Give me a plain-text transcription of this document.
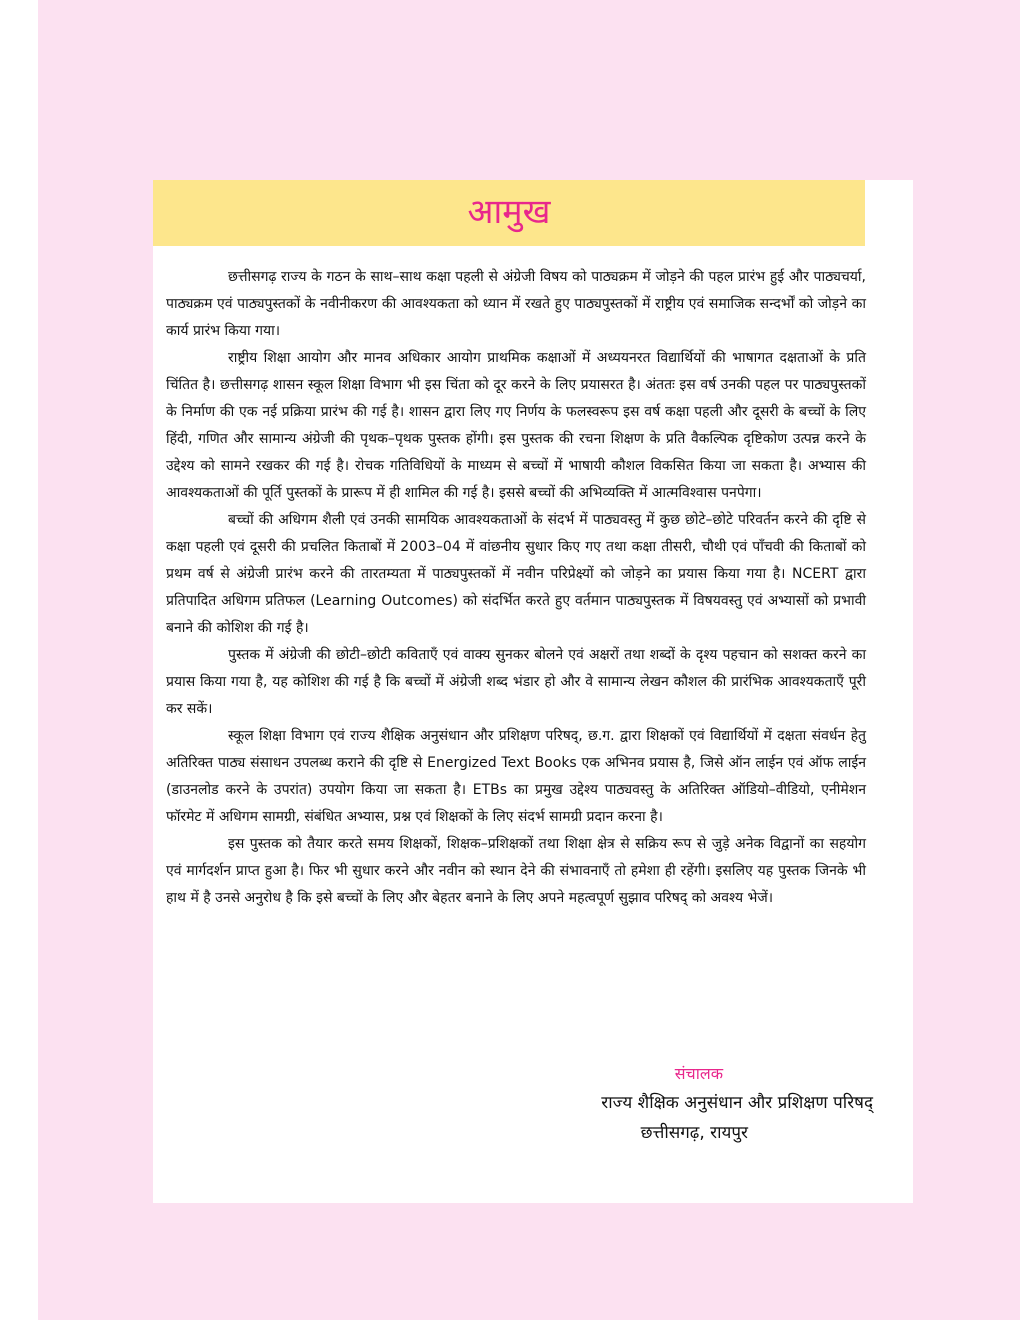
आमुख

छत्तीसगढ़ राज्य के गठन के साथ–साथ कक्षा पहली से अंग्रेजी विषय को पाठ्यक्रम में जोड़ने की पहल प्रारंभ हुई और पाठ्यचर्या, पाठ्यक्रम एवं पाठ्यपुस्तकों के नवीनीकरण की आवश्यकता को ध्यान में रखते हुए पाठ्यपुस्तकों में राष्ट्रीय एवं समाजिक सन्दर्भों को जोड़ने का कार्य प्रारंभ किया गया।

राष्ट्रीय शिक्षा आयोग और मानव अधिकार आयोग प्राथमिक कक्षाओं में अध्ययनरत विद्यार्थियों की भाषागत दक्षताओं के प्रति चिंतित है। छत्तीसगढ़ शासन स्कूल शिक्षा विभाग भी इस चिंता को दूर करने के लिए प्रयासरत है। अंततः इस वर्ष उनकी पहल पर पाठ्यपुस्तकों के निर्माण की एक नई प्रक्रिया प्रारंभ की गई है। शासन द्वारा लिए गए निर्णय के फलस्वरूप इस वर्ष कक्षा पहली और दूसरी के बच्चों के लिए हिंदी, गणित और सामान्य अंग्रेजी की पृथक–पृथक पुस्तक होंगी। इस पुस्तक की रचना शिक्षण के प्रति वैकल्पिक दृष्टिकोण उत्पन्न करने के उद्देश्य को सामने रखकर की गई है। रोचक गतिविधियों के माध्यम से बच्चों में भाषायी कौशल विकसित किया जा सकता है। अभ्यास की आवश्यकताओं की पूर्ति पुस्तकों के प्रारूप में ही शामिल की गई है। इससे बच्चों की अभिव्यक्ति में आत्मविश्वास पनपेगा।

बच्चों की अधिगम शैली एवं उनकी सामयिक आवश्यकताओं के संदर्भ में पाठ्यवस्तु में कुछ छोटे–छोटे परिवर्तन करने की दृष्टि से कक्षा पहली एवं दूसरी की प्रचलित किताबों में 2003–04 में वांछनीय सुधार किए गए तथा कक्षा तीसरी, चौथी एवं पाँचवी की किताबों को प्रथम वर्ष से अंग्रेजी प्रारंभ करने की तारतम्यता में पाठ्यपुस्तकों में नवीन परिप्रेक्ष्यों को जोड़ने का प्रयास किया गया है। NCERT द्वारा प्रतिपादित अधिगम प्रतिफल (Learning Outcomes) को संदर्भित करते हुए वर्तमान पाठ्यपुस्तक में विषयवस्तु एवं अभ्यासों को प्रभावी बनाने की कोशिश की गई है।

पुस्तक में अंग्रेजी की छोटी–छोटी कविताएँ एवं वाक्य सुनकर बोलने एवं अक्षरों तथा शब्दों के दृश्य पहचान को सशक्त करने का प्रयास किया गया है, यह कोशिश की गई है कि बच्चों में अंग्रेजी शब्द भंडार हो और वे सामान्य लेखन कौशल की प्रारंभिक आवश्यकताएँ पूरी कर सकें।

स्कूल शिक्षा विभाग एवं राज्य शैक्षिक अनुसंधान और प्रशिक्षण परिषद्, छ.ग. द्वारा शिक्षकों एवं विद्यार्थियों में दक्षता संवर्धन हेतु अतिरिक्त पाठ्य संसाधन उपलब्ध कराने की दृष्टि से Energized Text Books एक अभिनव प्रयास है, जिसे ऑन लाईन एवं ऑफ लाईन (डाउनलोड करने के उपरांत) उपयोग किया जा सकता है। ETBs का प्रमुख उद्देश्य पाठ्यवस्तु के अतिरिक्त ऑडियो–वीडियो, एनीमेशन फॉरमेट में अधिगम सामग्री, संबंधित अभ्यास, प्रश्न एवं शिक्षकों के लिए संदर्भ सामग्री प्रदान करना है।

इस पुस्तक को तैयार करते समय शिक्षकों, शिक्षक–प्रशिक्षकों तथा शिक्षा क्षेत्र से सक्रिय रूप से जुड़े अनेक विद्वानों का सहयोग एवं मार्गदर्शन प्राप्त हुआ है। फिर भी सुधार करने और नवीन को स्थान देने की संभावनाएँ तो हमेशा ही रहेंगी। इसलिए यह पुस्तक जिनके भी हाथ में है उनसे अनुरोध है कि इसे बच्चों के लिए और बेहतर बनाने के लिए अपने महत्वपूर्ण सुझाव परिषद् को अवश्य भेजें।

संचालक
राज्य शैक्षिक अनुसंधान और प्रशिक्षण परिषद्
छत्तीसगढ़, रायपुर
